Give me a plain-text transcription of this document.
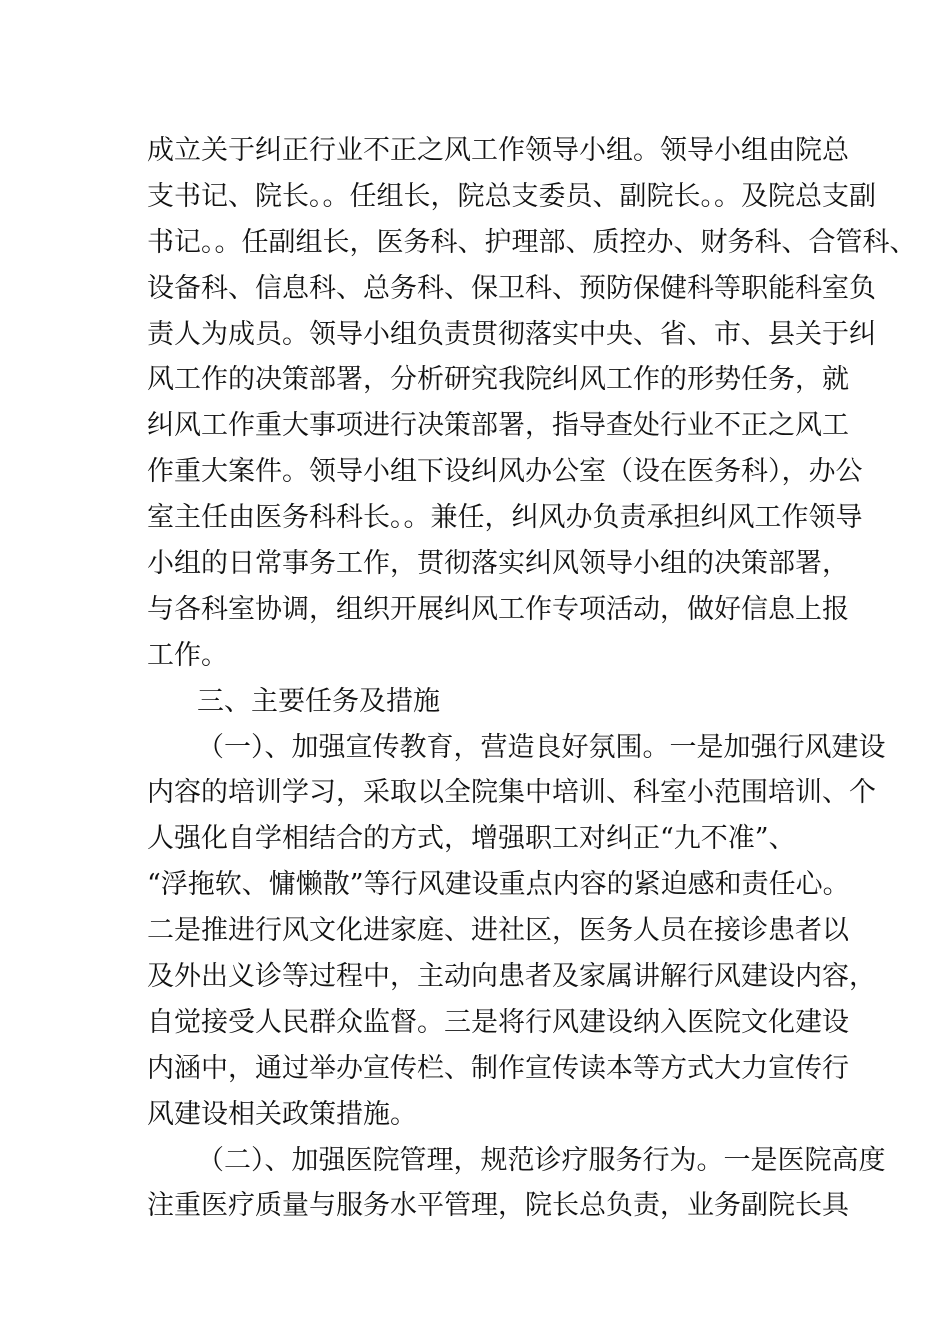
成立关于纠正行业不正之风工作领导小组。领导小组由院总
支书记、院长。。任组长，院总支委员、副院长。。及院总支副
书记。。任副组长，医务科、护理部、质控办、财务科、合管科、
设备科、信息科、总务科、保卫科、预防保健科等职能科室负
责人为成员。领导小组负责贯彻落实中央、省、市、县关于纠
风工作的决策部署，分析研究我院纠风工作的形势任务，就
纠风工作重大事项进行决策部署，指导查处行业不正之风工
作重大案件。领导小组下设纠风办公室（设在医务科），办公
室主任由医务科科长。。兼任，纠风办负责承担纠风工作领导
小组的日常事务工作，贯彻落实纠风领导小组的决策部署，
与各科室协调，组织开展纠风工作专项活动，做好信息上报
工作。
三、主要任务及措施
（一）、加强宣传教育，营造良好氛围。一是加强行风建设
内容的培训学习，采取以全院集中培训、科室小范围培训、个
人强化自学相结合的方式，增强职工对纠正“九不准”、
“浮拖软、慵懒散”等行风建设重点内容的紧迫感和责任心。
二是推进行风文化进家庭、进社区，医务人员在接诊患者以
及外出义诊等过程中，主动向患者及家属讲解行风建设内容，
自觉接受人民群众监督。三是将行风建设纳入医院文化建设
内涵中，通过举办宣传栏、制作宣传读本等方式大力宣传行
风建设相关政策措施。
（二）、加强医院管理，规范诊疗服务行为。一是医院高度
注重医疗质量与服务水平管理，院长总负责，业务副院长具
